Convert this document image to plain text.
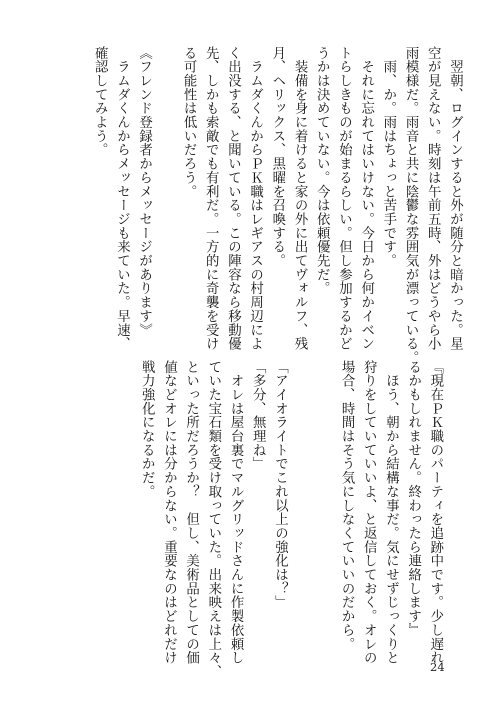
　翌朝、ログインすると外が随分と暗かった。星
空が見えない。時刻は午前五時、外はどうやら小
雨模様だ。雨音と共に陰鬱な雰囲気が漂っている。
　雨、か。雨はちょっと苦手です。
　それに忘れてはいけない。今日から何かイベン
トらしきものが始まるらしい。但し参加するかど
うかは決めていない。今は依頼優先だ。
　装備を身に着けると家の外に出てヴォルフ、残
月、ヘリックス、黒曜を召喚する。
　ラムダくんからＰＫ職はレギアスの村周辺によ
く出没する、と聞いている。この陣容なら移動優
先、しかも索敵でも有利だ。一方的に奇襲を受け
る可能性は低いだろう。

《フレンド登録者からメッセージがあります》
　ラムダくんからメッセージも来ていた。早速、
確認してみよう。
『現在ＰＫ職のパーティを追跡中です。少し遅れ
るかもしれません。終わったら連絡します』
　ほう、朝から結構な事だ。気にせずじっくりと
狩りをしていていいよ、と返信しておく。オレの
場合、時間はそう気にしなくていいのだから。

「アイオライトでこれ以上の強化は？」
「多分、無理ね」
　オレは屋台裏でマルグリッドさんに作製依頼し
ていた宝石類を受け取っていた。出来映えは上々、
といった所だろうか？　但し、美術品としての価
値などオレには分からない。重要なのはどれだけ
戦力強化になるかだ。
24
